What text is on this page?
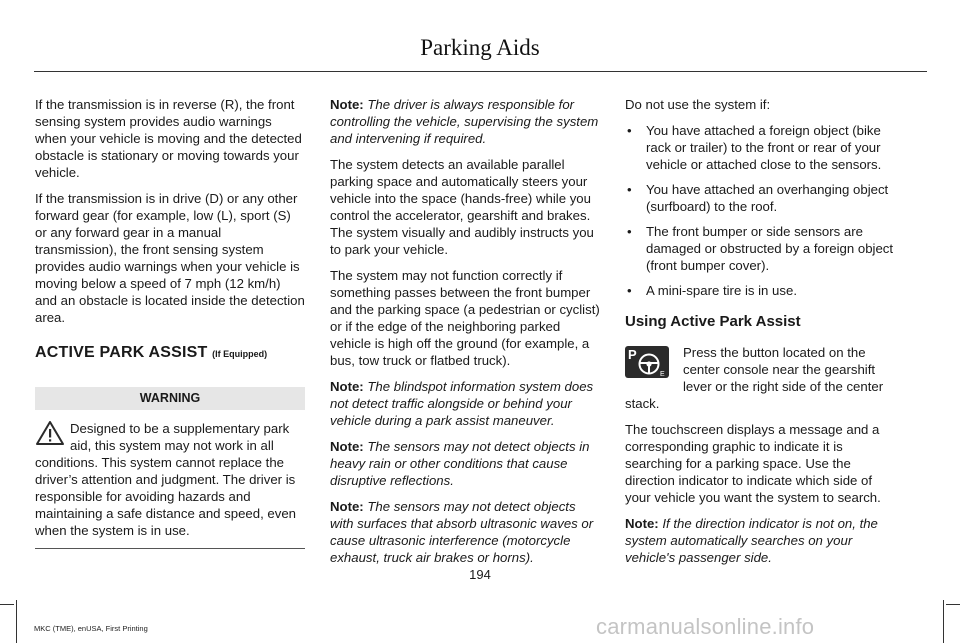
Parking Aids

If the transmission is in reverse (R), the front sensing system provides audio warnings when your vehicle is moving and the detected obstacle is stationary or moving towards your vehicle.

If the transmission is in drive (D) or any other forward gear (for example, low (L), sport (S) or any forward gear in a manual transmission), the front sensing system provides audio warnings when your vehicle is moving below a speed of 7 mph (12 km/h) and an obstacle is located inside the detection area.

ACTIVE PARK ASSIST (If Equipped)
WARNING
Designed to be a supplementary park aid, this system may not work in all conditions. This system cannot replace the driver’s attention and judgment. The driver is responsible for avoiding hazards and maintaining a safe distance and speed, even when the system is in use.

Note: The driver is always responsible for controlling the vehicle, supervising the system and intervening if required.

The system detects an available parallel parking space and automatically steers your vehicle into the space (hands-free) while you control the accelerator, gearshift and brakes. The system visually and audibly instructs you to park your vehicle.

The system may not function correctly if something passes between the front bumper and the parking space (a pedestrian or cyclist) or if the edge of the neighboring parked vehicle is high off the ground (for example, a bus, tow truck or flatbed truck).

Note: The blindspot information system does not detect traffic alongside or behind your vehicle during a park assist maneuver.

Note: The sensors may not detect objects in heavy rain or other conditions that cause disruptive reflections.

Note: The sensors may not detect objects with surfaces that absorb ultrasonic waves or cause ultrasonic interference (motorcycle exhaust, truck air brakes or horns).

Do not use the system if:

• You have attached a foreign object (bike rack or trailer) to the front or rear of your vehicle or attached close to the sensors.
• You have attached an overhanging object (surfboard) to the roof.
• The front bumper or side sensors are damaged or obstructed by a foreign object (front bumper cover).
• A mini-spare tire is in use.
Using Active Park Assist

P
E
Press the button located on the center console near the gearshift lever or the right side of the center stack.

The touchscreen displays a message and a corresponding graphic to indicate it is searching for a parking space. Use the direction indicator to indicate which side of your vehicle you want the system to search.

Note: If the direction indicator is not on, the system automatically searches on your vehicle's passenger side.

194
MKC (TME), enUSA, First Printing	carmanualsonline.info
